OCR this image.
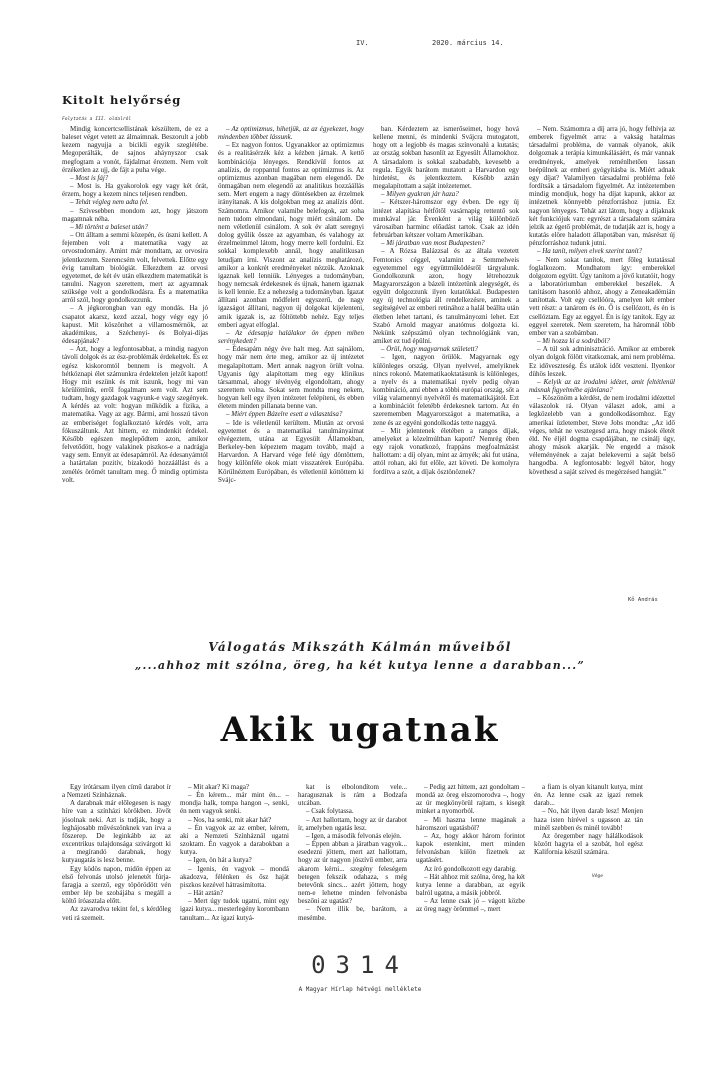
IV.	2020. március 14.
Kitolt helyőrség
Folytatás a III. oldalról

Mindig koncertcsellistának készültem, de ez a baleset véget vetett az álmaimnak. Beszorult a jobb kezem nagyujja a bicikli egyik szeglétébe. Megoperálták, de sajnos aháynyszor csak megfogtam a vonót, fájdalmat éreztem. Nem volt érzéketlen az ujj, de fájt a puha vége.

– Most is fáj?

– Most is. Ha gyakorolok egy vagy két órát, érzem, hogy a kezem nincs teljesen rendben.

– Tehát végleg nem adta fel.

– Szívesebben mondom azt, hogy játszom magamnak néha.

– Mi történt a baleset után?

– Ott álltam a semmi közepén, és úszni kellett. A fejemben volt a matematika vagy az orvostudomány. Amint már mondtam, az orvosira jelentkeztem. Szerencsém volt, felvettek. Előtte egy évig tanultam biológiát. Elkezdtem az orvosi egyetemet, de két év után elkezdtem matematikát is tanulni. Nagyon szerettem, mert az agyamnak szüksége volt a gondolkodásra. És a matematika arról szól, hogy gondolkozzunk.

– A jégkorongban van egy mondás. Ha jó csapatot akarsz, kezd azzal, hogy végy egy jó kapust. Mit köszönhet a villamosmérnök, az akadémikus, a Széchenyi- és Bolyai-díjas édesapjának?

– Azt, hogy a legfontosabbat, a mindig nagyon távoli dolgok és az ész-problémák érdekeltek. És ez egész kiskoromtól bennem is megvolt. A hétköznapi élet számunkra érdektelen jelzőt kapott! Hogy mit eszünk és mit iszunk, hogy mi van körülöttünk, erről fogalmam sem volt. Azt sem tudtam, hogy gazdagok vagyunk-e vagy szegények. A kérdés az volt: hogyan működik a fizika, a matematika. Vagy az agy. Bármi, ami hosszú távon az emberiséget foglalkoztató kérdés volt, arra fókuszáltunk. Azt hittem, ez mindenkit érdekel. Később egészen meglepődtem azon, amikor felvetődött, hogy valakinek piszkos-e a nadrágja vagy sem. Ennyit az édesapámról. Az édesanyámtól a határtalan pozitív, bizakodó hozzáállást és a zenélés örömét tanultam meg. Ő mindig optimista volt.

– Az optimizmus, hihetjük, az az égyekezet, hogy mindenben többet lássunk.

– Ez nagyon fontos. Ugyanakkor az optimizmus és a realitásérzék kéz a kézben járnak. A kettő kombinációja lényeges. Rendkívül fontos az analízis, de roppantul fontos az optimizmus is. Az optimizmus azonban magában nem elegendő. De önmagában nem elegendő az analitikus hozzáállás sem. Mert engem a nagy döntésekben az érzelmek irányítanak. A kis dolgokban meg az analízis dönt. Számomra. Amikor valamibe belefogok, azt soha nem tudom elmondani, hogy miért csinálom. De nem véletlenül csinálom. A sok év alatt seregnyi dolog gyűlik össze az agyamban, és valahogy az érzelmeimmel látom, hogy merre kell fordulni. Ez sokkal komplexebb annál, hogy analitikusan letudjam írni. Viszont az analízis meghatározó, amikor a konkrét eredményeket nézzük. Azoknak igaznak kell lenniük. Lényeges a tudományban, hogy nemcsak érdekesnek és újnak, hanem igaznak is kell lennie. Ez a nehezség a tudományban. Igazat állítani azonban mődfelett egyszerű, de nagy igazságot állítani, nagyon új dolgokat kijelenteni, amik igazak is, az föltöttebb nehéz. Egy teljes emberi agyat elfoglal.

– Az édesapja halálakor ön éppen miben serénykedett?

– Édesapám négy éve halt meg. Azt sajnálom, hogy már nem érte meg, amikor az új intézetet megalapítottam. Mert annak nagyon örült volna. Ugyanis úgy alapítottam meg egy klinikus társammal, ahogy tévényég elgondoltam, ahogy szerettem volna. Sokat sem mondta meg nekem, hogyan kell egy ilyen intézetet felépíteni, és ebben életem minden pillanata benne van.

– Miért éppen Bázelre esett a választása?

– Ide is véletlenül kerültem. Miután az orvosi egyetemet és a matematikai tanulmányaimat elvégeztem, utána az Egyesült Államokban, Berkeley-ben képeztem magam tovább, majd a Harvardon. A Harvard vége felé úgy döntöttem, hogy különféle okok miatt visszatérek Európába. Körülnéztem Európában, és véletlenül köttöttem ki Svájc-

ban. Kérdeztem az ismerőseimet, hogy hová kellene menni, és mindenki Svájcra mutogatott, hogy ott a legjobb és magas színvonalú a kutatás; az ország sokban hasonlít az Egyesült Államokhoz. A társadalom is sokkal szabadabb, kevesebb a regula. Egyik barátom mutatott a Harvardon egy hirdetést, és jelentkeztem. Később aztán megalapítottam a saját intézetemet.

– Milyen gyakran jár haza?

– Kétszer-háromszor egy évben. De egy új intézet alapítása hétfőtől vasárnapig rettentő sok munkával jár. Évenként a világ különböző városaiban harminc előadást tartok. Csak az idén februárban kétszer voltam Amerikában.

– Mi járatban van most Budapesten?

– A Rózsa Balázzsal és az általa vezetett Femtonics céggel, valamint a Semmelweis egyetemmel egy együttműködésről tárgyalunk. Gondolkozunk azon, hogy létrehozzuk Magyarországon a bázeli intézetünk alegységét, és együtt dolgozzunk ilyen kutatókkal. Budapesten egy új technológia áll rendelkezésre, aminek a segítségével az emberi retinához a halál beálltа után életben lehet tartani, és tanulmányozni lehet. Ezt Szabó Arnold magyar anatómus dolgozta ki. Nekünk szépszámú olyan technológiánk van, amiket ez tud épülni.

– Örül, hogy magyarnak született?

– Igen, nagyon örülök. Magyarnak egy különleges ország. Olyan nyelvvel, amelyiknek nincs rokonó. Matematikaoktatásunk is különleges, a nyelv és a matematikai nyelv pedig olyan kombináció, ami ebben a többi európai ország, sőt a világ valamennyi nyelvétől és matematikájától. Ezt a kombinációt feletébb érdekesnek tartom. Az én szerememben Magyarországot a matematika, a zene és az egyéni gondolkodás tette naggyá.

– Mit jelentenek életében a rangos díjak, amelyeket a közelmúltban kapott? Nemrég ében egy rajok vonatkozó, frappáns megfoalmázást hallottam: a díj olyan, mint az árnyék; aki fut utána, attól rohan, aki fut előle, azt követi. De komolyra fordítva a szót, a díjak ösztönöznek?

– Nem. Számomra a díj arra jó, hogy felhívja az emberek figyelmét arra: a vakság hatalmas társadalmi probléma, de vannak olyanok, akik dolgoznak a terápia kimunkálásáért, és már vannak eredmények, amelyek reménlhetően lassan beépülnek az emberi gyógyításba is. Miért adnak egy díjat? Valamilyen társadalmi probléma felé fordítsák a társadalom figyelmét. Az intézetemben mindig mondjuk, hogy ha díjat kapunk, akkor az intézetnek könnyebb pénzforráshoz jutnia. Ez nagyon lényeges. Tehát azt látom, hogy a díjaknak két funkciójuk van: egyrészt a társadalom számára jelzik az égető problémát, de tudatják azt is, hogy a kutatás elöre haladott állapotában van, másrészt új pénzforráshoz tudunk jutni.

– Ha tanít, milyen elvek szerint tanít?

– Nem sokat tanítok, mert főleg kutatással foglalkozom. Mondhatom így: emberekkel dolgozom együtt. Úgy tanítom a jövő kutatóit, hogy a laboratóriumban emberekkel beszélek. A tanításom hasonló ahhoz, ahogy a Zeneakadémián tanítottak. Volt egy csellóóra, amelyen két ember vett részt: a tanárom és én. Ő is csellózott, és én is csellóztam. Egy az eggyel. Én is így tanítok. Egy az eggyel szeretek. Nem szeretem, ha háromnál több ember van a szobámban.

– Mi hozza ki a sodrából?

– A túl sok adminisztráció. Amikor az emberek olyan dolgok fölött vitatkoznak, ami nem probléma. Ez időveszteség. És utálok időt veszteni. Ilyenkor dühös leszek.

– Kelyik az az irodalmi idézet, amit feltétlenül másnak figyelmébe ajánlana?

– Köszönöm a kérdést, de nem irodalmi idézettel válaszolok rá. Olyan választ adok, ami a legközelebb van a gondolkodásomhoz. Egy amerikai üzletember, Steve Jobs mondta: „Az idő véges, tehát ne vesztegesd arra, hogy mások életét éld. Ne éljél dogma csapdájában, ne csinálj úgy, ahogy mások akarják. Ne engedd a mások véleményének a zajat belekeverni a saját belső hangodba. A legfontosabb: legyél bátor, hogy követhesd a saját szíved és megérzésed hangját.”

Kő András
Válogatás Mikszáth Kálmán műveiből
„...ahhoz mit szólna, öreg, ha két kutya lenne a darabban...”
Akik ugatnak

Egy írótársam ilyen című darabot ír a Nemzeti Színháznak.

A darabnak már előlegesen is nagy híre van a színházi körökben. Jövőt jósolnak neki. Azt is tudják, hogy a leghájosabb művészönknek van írva a főszerep. De leginkább az az excentrikus tulajdonsága szivárgott ki a megírandó darabnak, hogy kutyaugatás is lesz benne.

Egy ködös napon, midőn éppen az első felvonás utolsó jelenetét fúrja-faragja a szerző, egy töpörödött vén ember lép be szobájába s megáll a költő íróasztala előtt.

Az zavarodva tekint fel, s kérdőleg veti rá szemeit.

– Mit akar? Ki maga?

– Én kérem... már mint én... – mondja halk, tompa hangon –, senki, én nem vagyok senki.

– Nos, ha senki, mit akar hát?

– Én vagyok az az ember, kérem, aki a Nemzeti Színháznál ugatni szoktam. Én vagyok a darabokban a kutya.

– Igen, ön hát a kutya?

– Igenis, én vagyok – mondá akadozva, félénken és ősz haját piszkos kezével hátrasimította.

– Hát aztán?

– Mert úgy tudok ugatni, mint egy igazi kutya... mesterlegény korombann tanultam... Az igazi kutyá-

kat is elbolondítom vele... haragusznak is rám a Bodzafa utcában.

– Csak folytassa.

– Azt hallottam, hogy az úr darabot ír, amelyben ugatás lesz.

– Igen, a második felvonás elején.

– Éppen abban a járatban vagyok... esedezni jöttem, mert azt hallottam, hogy az úr nagyon jószívű ember, arra akarom kérni... szegény feleségem betegen fekszik odahaza, s még betevőnk sincs... azért jöttem, hogy nem-e lehetne minden felvonásba beszőni az ugatást?

– Nem illik be, barátom, a mesémbe.

– Pedig azt hittem, azt gondoltam – mondá az öreg elszomorodva –, hogy az úr megkönyörül rajtam, s kisegít minket a nyomorból.

– Mi hasznа lenne magának a háromszori ugatásból?

– Az, hogy akkor három forintot kapok estenkint, mert minden felvonásban külön fizetnek az ugatásért.

Az író gondolkozott egy darabig.

– Hát ahhoz mit szólna, öreg, ha két kutya lenne a darabban, az egyik balról ugatna, a másik jobbról.

– Az lenne csak jó – vágott közbe az öreg nagy örömmel –, mert

a fiam is olyan kitanult kutya, mint én. Az lenne csak az igazi remek darab...

– No, hát ilyen darab lesz! Menjen haza isten hírével s ugasson az tán minél szebben és minél tovább!

Az öregember nagy hálálkodások között hagyta el a szobát, hol egész Kalifornia készül számára.

Vége
0314
A Magyar Hírlap hétvégi melléklete
